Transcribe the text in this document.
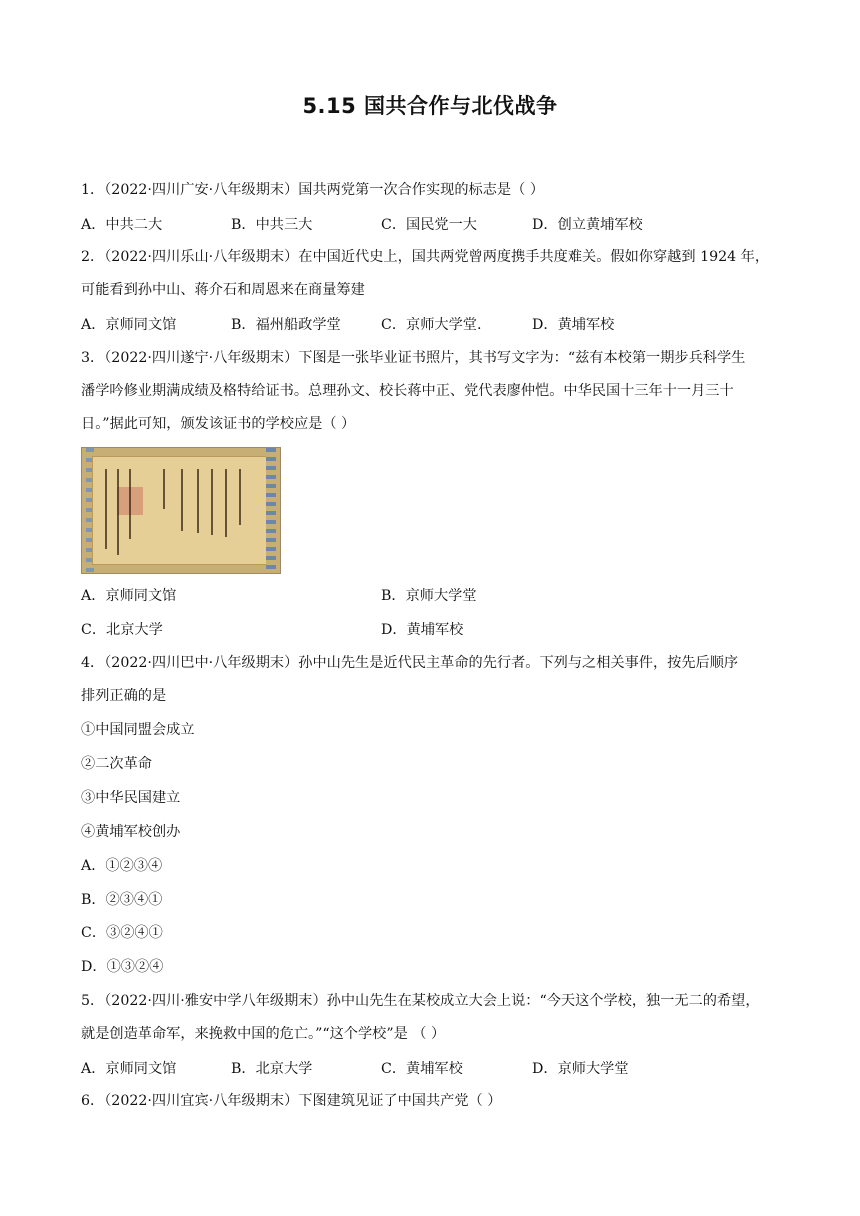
5.15 国共合作与北伐战争
1．（2022·四川广安·八年级期末）国共两党第一次合作实现的标志是（ ）
A．中共二大	B．中共三大	C．国民党一大	D．创立黄埔军校
2．（2022·四川乐山·八年级期末）在中国近代史上，国共两党曾两度携手共度难关。假如你穿越到 1924 年，
可能看到孙中山、蒋介石和周恩来在商量筹建
A．京师同文馆	B．福州船政学堂	C．京师大学堂.	D．黄埔军校
3．（2022·四川遂宁·八年级期末）下图是一张毕业证书照片，其书写文字为：“兹有本校第一期步兵科学生
潘学吟修业期满成绩及格特给证书。总理孙文、校长蒋中正、党代表廖仲恺。中华民国十三年十一月三十
日。”据此可知，颁发该证书的学校应是（ ）
A．京师同文馆	B．京师大学堂
C．北京大学	D．黄埔军校
4．（2022·四川巴中·八年级期末）孙中山先生是近代民主革命的先行者。下列与之相关事件，按先后顺序
排列正确的是
①中国同盟会成立
②二次革命
③中华民国建立
④黄埔军校创办
A．①②③④
B．②③④①
C．③②④①
D．①③②④
5．（2022·四川·雅安中学八年级期末）孙中山先生在某校成立大会上说：“今天这个学校，独一无二的希望，
就是创造革命军，来挽救中国的危亡。”“这个学校”是 （ ）
A．京师同文馆	B．北京大学	C．黄埔军校	D．京师大学堂
6．（2022·四川宜宾·八年级期末）下图建筑见证了中国共产党（ ）
